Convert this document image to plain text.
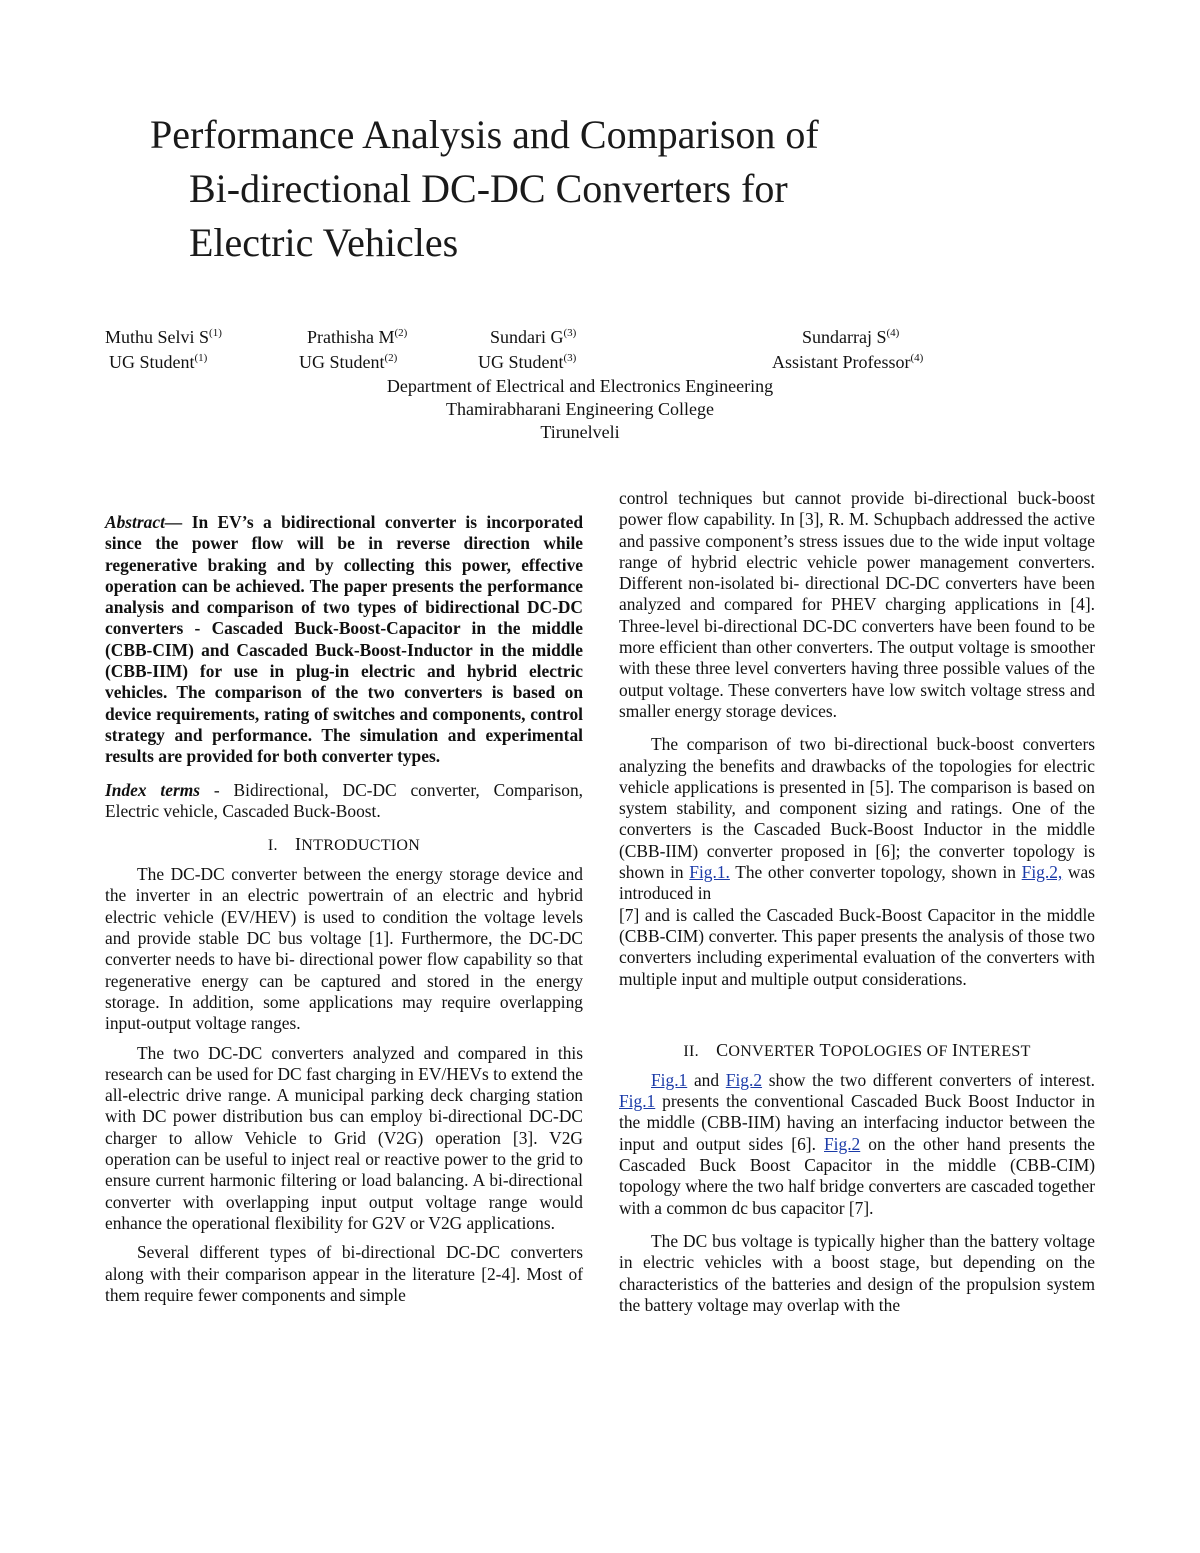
Performance Analysis and Comparison of
Bi-directional DC-DC Converters for
Electric Vehicles
Muthu Selvi $S^{(1)}$	Prathisha $M^{(2)}$	Sundari $G^{(3)}$	Sundarraj $S^{(4)}$
UG Student$^{(1)}$	UG Student$^{(2)}$	UG Student$^{(3)}$	Assistant Professor$^{(4)}$
Department of Electrical and Electronics Engineering
Thamirabharani Engineering College
Tirunelveli

Abstract— In EV’s a bidirectional converter is incorporated since the power flow will be in reverse direction while regenerative braking and by collecting this power, effective operation can be achieved. The paper presents the performance analysis and comparison of two types of bidirectional DC-DC converters - Cascaded Buck-Boost-Capacitor in the middle (CBB-CIM) and Cascaded Buck-Boost-Inductor in the middle (CBB-IIM) for use in plug-in electric and hybrid electric vehicles. The comparison of the two converters is based on device requirements, rating of switches and components, control strategy and performance. The simulation and experimental results are provided for both converter types.

Index terms - Bidirectional, DC-DC converter, Comparison, Electric vehicle, Cascaded Buck-Boost.

I. INTRODUCTION

The DC-DC converter between the energy storage device and the inverter in an electric powertrain of an electric and hybrid electric vehicle (EV/HEV) is used to condition the voltage levels and provide stable DC bus voltage [1]. Furthermore, the DC-DC converter needs to have bi- directional power flow capability so that regenerative energy can be captured and stored in the energy storage. In addition, some applications may require overlapping input-output voltage ranges.

The two DC-DC converters analyzed and compared in this research can be used for DC fast charging in EV/HEVs to extend the all-electric drive range. A municipal parking deck charging station with DC power distribution bus can employ bi-directional DC-DC charger to allow Vehicle to Grid (V2G) operation [3]. V2G operation can be useful to inject real or reactive power to the grid to ensure current harmonic filtering or load balancing. A bi-directional converter with overlapping input output voltage range would enhance the operational flexibility for G2V or V2G applications.

Several different types of bi-directional DC-DC converters along with their comparison appear in the literature [2-4]. Most of them require fewer components and simple

control techniques but cannot provide bi-directional buck-boost power flow capability. In [3], R. M. Schupbach addressed the active and passive component’s stress issues due to the wide input voltage range of hybrid electric vehicle power management converters. Different non-isolated bi- directional DC-DC converters have been analyzed and compared for PHEV charging applications in [4]. Three-level bi-directional DC-DC converters have been found to be more efficient than other converters. The output voltage is smoother with these three level converters having three possible values of the output voltage. These converters have low switch voltage stress and smaller energy storage devices.

The comparison of two bi-directional buck-boost converters analyzing the benefits and drawbacks of the topologies for electric vehicle applications is presented in [5]. The comparison is based on system stability, and component sizing and ratings. One of the converters is the Cascaded Buck-Boost Inductor in the middle (CBB-IIM) converter proposed in [6]; the converter topology is shown in Fig.1. The other converter topology, shown in Fig.2, was introduced in

[7] and is called the Cascaded Buck-Boost Capacitor in the middle (CBB-CIM) converter. This paper presents the analysis of those two converters including experimental evaluation of the converters with multiple input and multiple output considerations.

II. CONVERTER TOPOLOGIES OF INTEREST

Fig.1 and Fig.2 show the two different converters of interest. Fig.1 presents the conventional Cascaded Buck Boost Inductor in the middle (CBB-IIM) having an interfacing inductor between the input and output sides [6]. Fig.2 on the other hand presents the Cascaded Buck Boost Capacitor in the middle (CBB-CIM) topology where the two half bridge converters are cascaded together with a common dc bus capacitor [7].

The DC bus voltage is typically higher than the battery voltage in electric vehicles with a boost stage, but depending on the characteristics of the batteries and design of the propulsion system the battery voltage may overlap with the
